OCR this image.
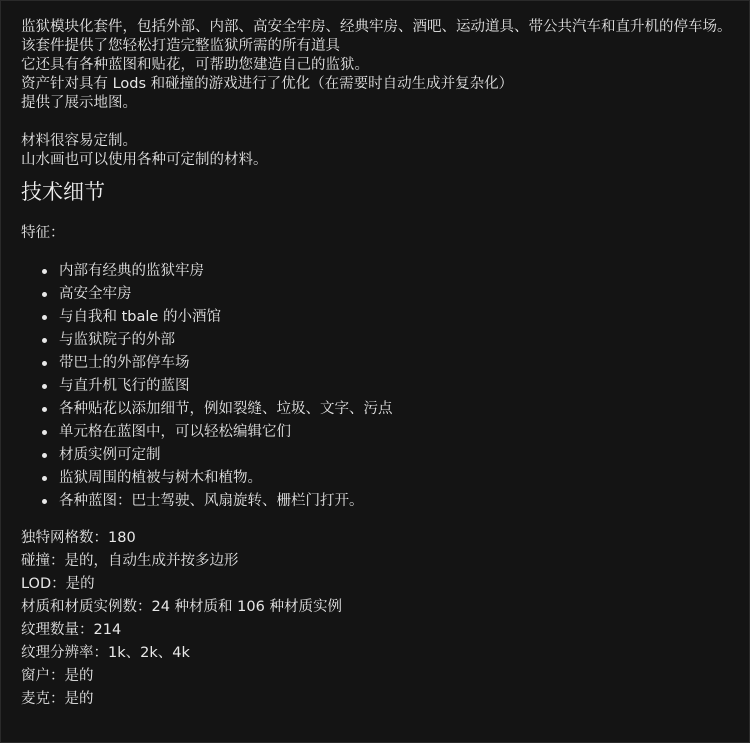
监狱模块化套件，包括外部、内部、高安全牢房、经典牢房、酒吧、运动道具、带公共汽车和直升机的停车场。

该套件提供了您轻松打造完整监狱所需的所有道具

它还具有各种蓝图和贴花，可帮助您建造自己的监狱。

资产针对具有 Lods 和碰撞的游戏进行了优化（在需要时自动生成并复杂化）

提供了展示地图。

材料很容易定制。

山水画也可以使用各种可定制的材料。

技术细节

特征：

内部有经典的监狱牢房
高安全牢房
与自我和 tbale 的小酒馆
与监狱院子的外部
带巴士的外部停车场
与直升机飞行的蓝图
各种贴花以添加细节，例如裂缝、垃圾、文字、污点
单元格在蓝图中，可以轻松编辑它们
材质实例可定制
监狱周围的植被与树木和植物。
各种蓝图：巴士驾驶、风扇旋转、栅栏门打开。

独特网格数：180

碰撞：是的，自动生成并按多边形

LOD：是的

材质和材质实例数：24 种材质和 106 种材质实例

纹理数量：214

纹理分辨率：1k、2k、4k

窗户：是的

麦克：是的
